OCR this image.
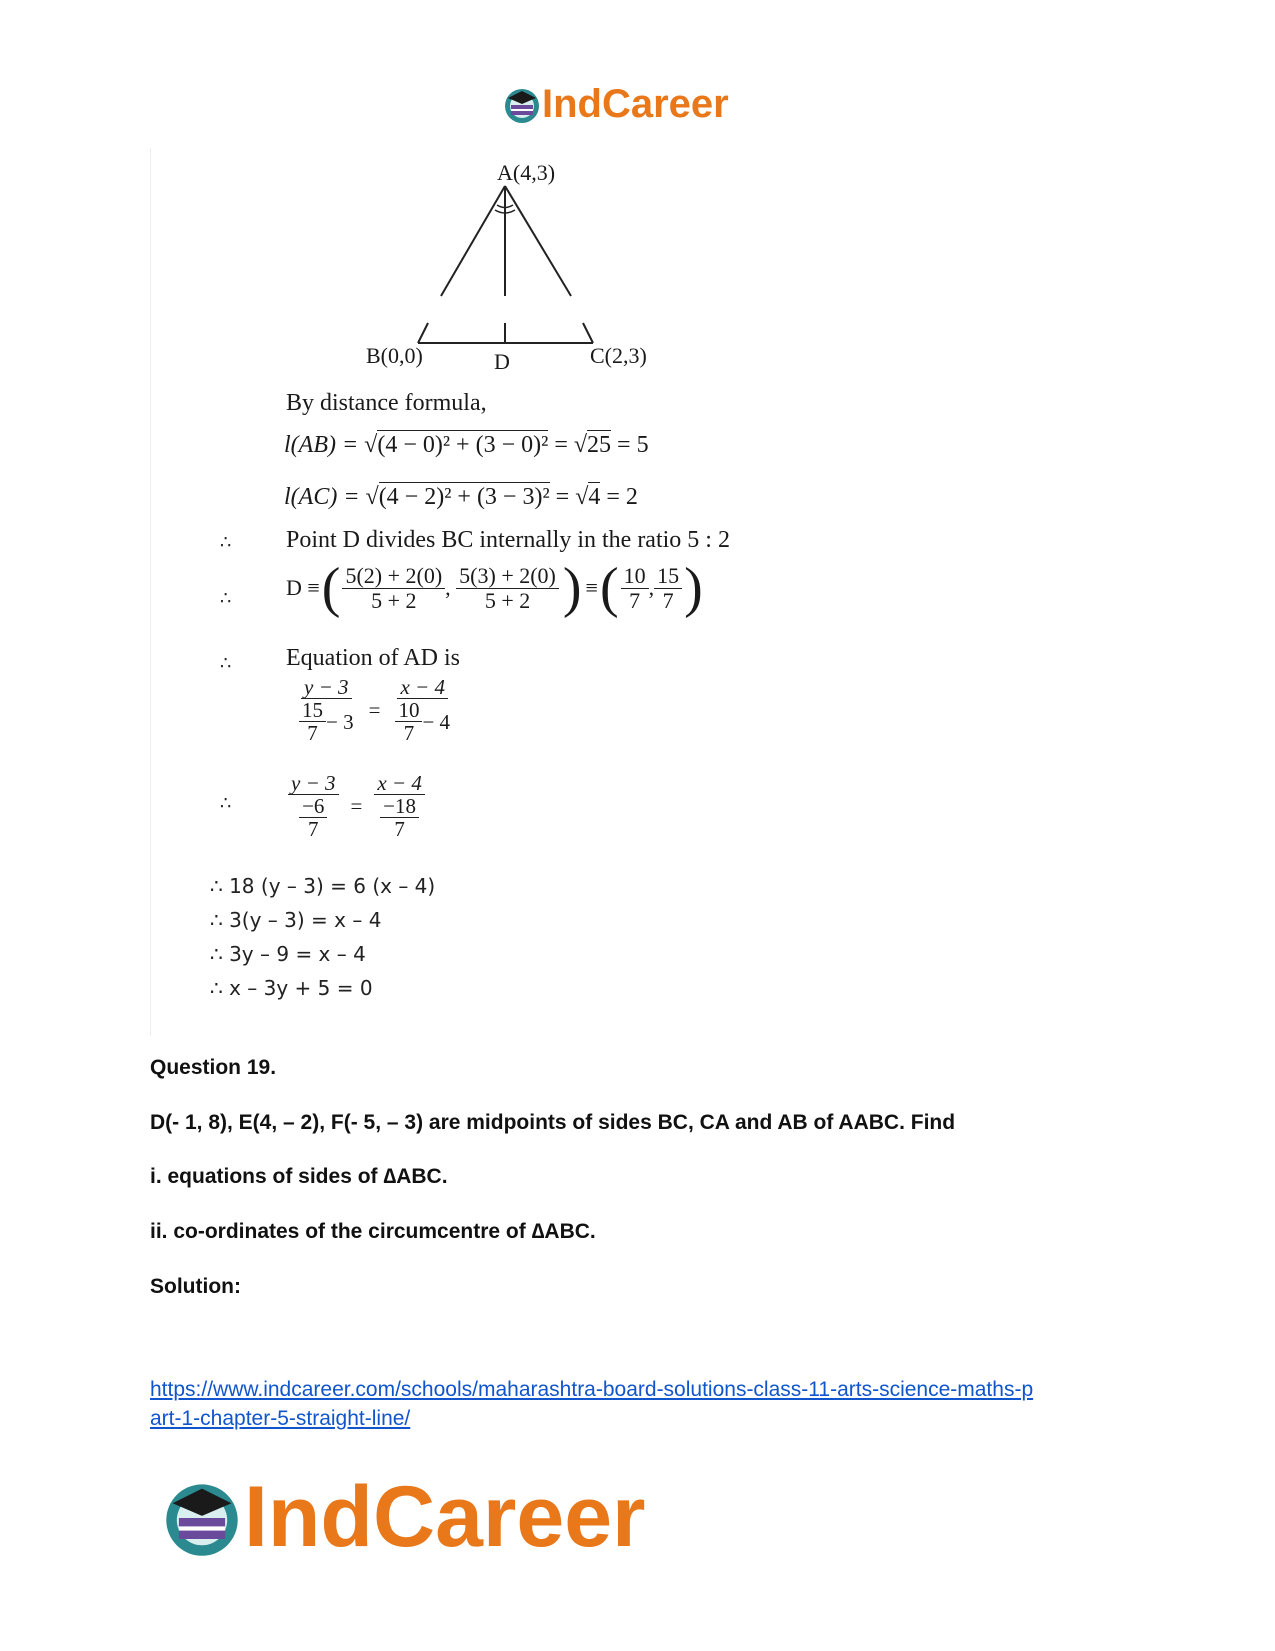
IndCareer
A(4,3)
B(0,0)	D	C(2,3)
By distance formula,
l(AB) = √(4 − 0)² + (3 − 0)² = √25 = 5
l(AC) = √(4 − 2)² + (3 − 3)² = √4 = 2
∴ Point D divides BC internally in the ratio 5 : 2
∴ D ≡ ( $\frac{5(2) + 2(0)}{5 + 2}$ , $\frac{5(3) + 2(0)}{5 + 2}$ ) ≡ ( $\frac{10}{7}$ , $\frac{15}{7}$ )
∴ Equation of AD is
$\frac{y - 3}{\frac{15}{7} - 3} = \frac{x - 4}{\frac{10}{7} - 4}$
∴	$\frac{y - 3}{\frac{-6}{7}} = \frac{x - 4}{\frac{-18}{7}}$
∴ 18 (y – 3) = 6 (x – 4)
∴ 3(y – 3) = x – 4
∴ 3y – 9 = x – 4
∴ x – 3y + 5 = 0
Question 19.
D(- 1, 8), E(4, – 2), F(- 5, – 3) are midpoints of sides BC, CA and AB of AABC. Find
i. equations of sides of ∆ABC.
ii. co-ordinates of the circumcentre of ∆ABC.
Solution:
https://www.indcareer.com/schools/maharashtra-board-solutions-class-11-arts-science-maths-p
art-1-chapter-5-straight-line/
IndCareer
